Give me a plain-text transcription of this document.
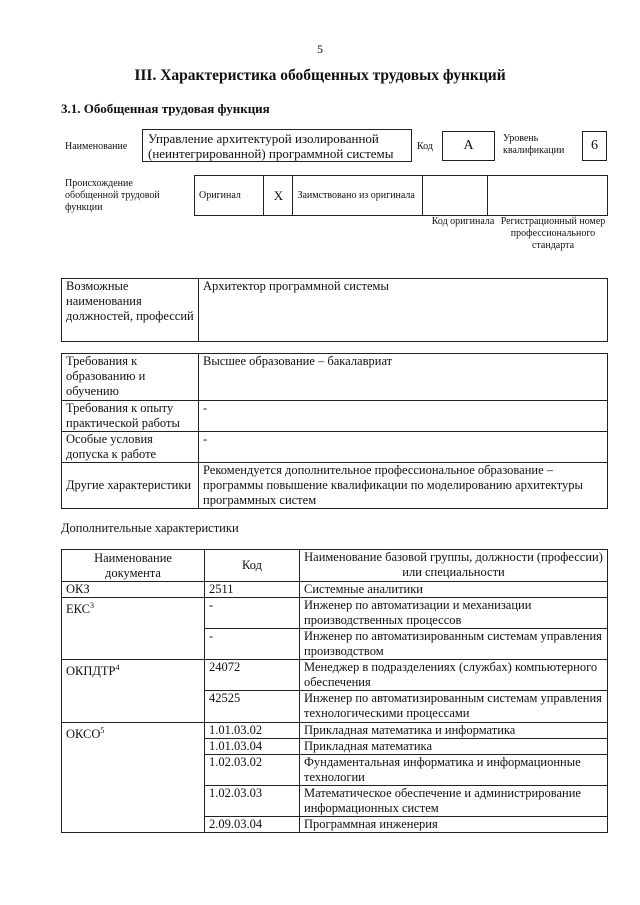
5
III. Характеристика обобщенных трудовых функций
3.1. Обобщенная трудовая функция
Наименование
Управление архитектурой изолированной (неинтегрированной) программной системы	Код	А	Уровень квалификации	6
Происхождение обобщенной трудовой функции
Оригинал	Х	Заимствовано из оригинала		
Код оригинала Регистрационный номер профессионального стандарта
Возможные наименования должностей, профессий	Архитектор программной системы
Требования к образованию и обучению	Высшее образование – бакалавриат
Требования к опыту практической работы	-
Особые условия допуска к работе	-
Другие характеристики	Рекомендуется дополнительное профессиональное образование – программы повышение квалификации по моделированию архитектуры программных систем
Дополнительные характеристики
Наименование документа	Код	Наименование базовой группы, должности (профессии) или специальности
ОКЗ	2511	Системные аналитики
ЕКС$^3$	-	Инженер по автоматизации и механизации производственных процессов
	-	Инженер по автоматизированным системам управления производством
ОКПДТР$^4$	24072	Менеджер в подразделениях (службах) компьютерного обеспечения
	42525	Инженер по автоматизированным системам управления технологическими процессами
ОКСО$^5$	1.01.03.02	Прикладная математика и информатика
	1.01.03.04	Прикладная математика
	1.02.03.02	Фундаментальная информатика и информационные технологии
	1.02.03.03	Математическое обеспечение и администрирование информационных систем
	2.09.03.04	Программная инженерия
